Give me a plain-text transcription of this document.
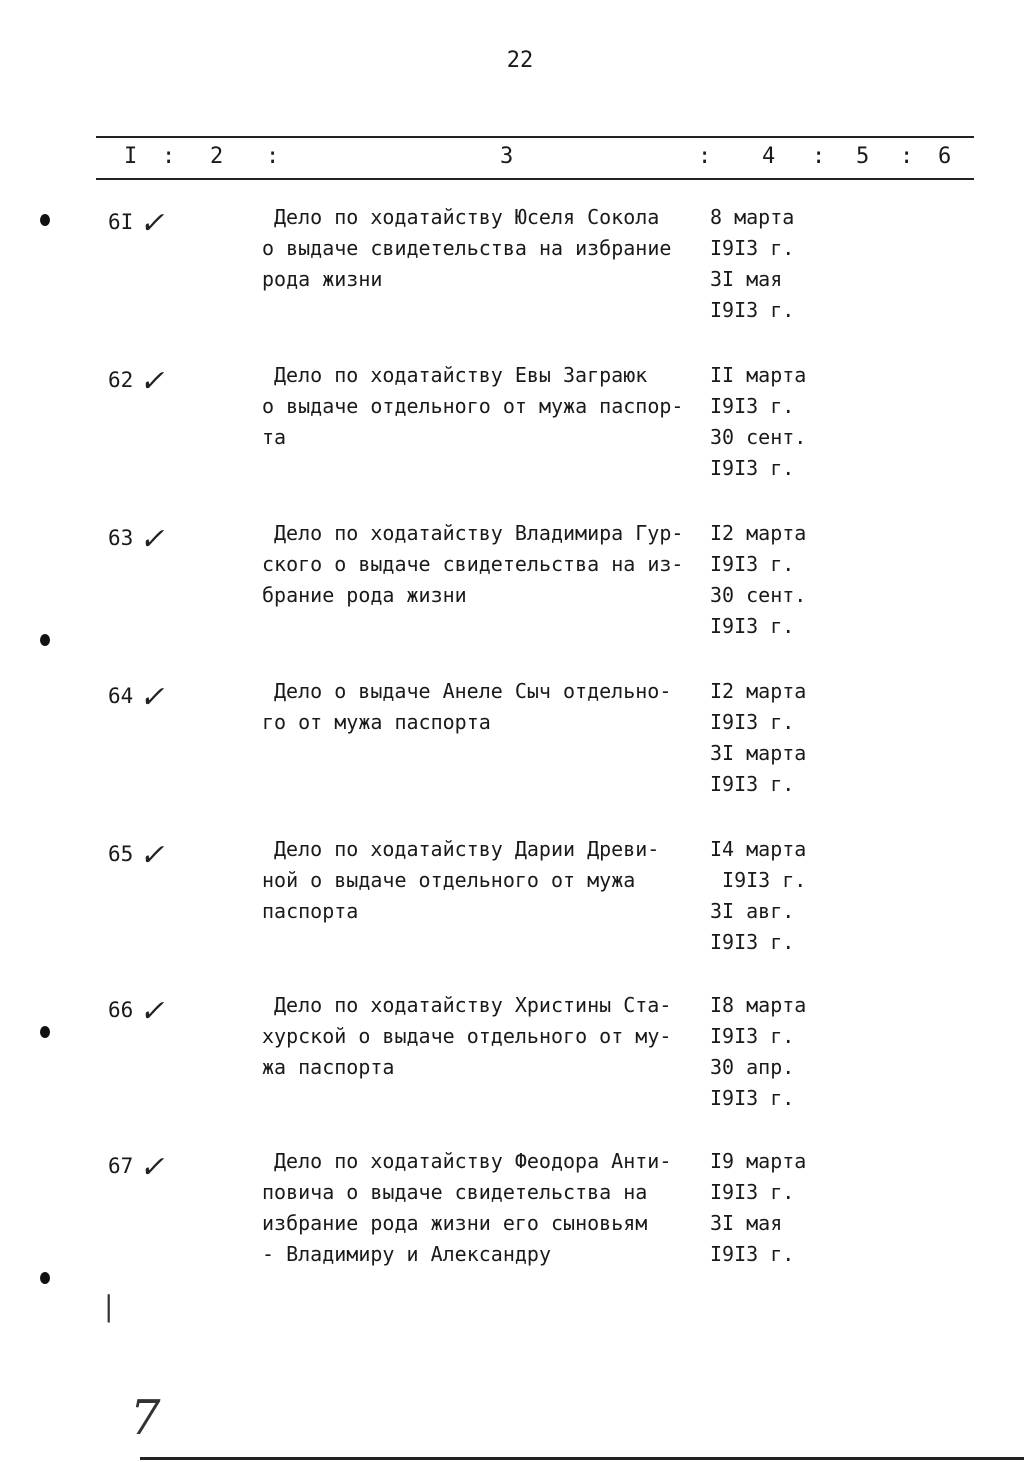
22
I : 2 :	3	: 4 : 5 : 6
6I ✓	Дело по ходатайству Юселя Сокола
о выдаче свидетельства на избрание
рода жизни
8 марта
I9I3 г.
3I мая
I9I3 г.
62 ✓	Дело по ходатайству Евы Заграюк
о выдаче отдельного от мужа паспор-
та
II марта
I9I3 г.
30 сент.
I9I3 г.
63 ✓	Дело по ходатайству Владимира Гур-
ского о выдаче свидетельства на из-
брание рода жизни
I2 марта
I9I3 г.
30 сент.
I9I3 г.
64 ✓	Дело о выдаче Анеле Сыч отдельно-
го от мужа паспорта
I2 марта
I9I3 г.
3I марта
I9I3 г.
65 ✓	Дело по ходатайству Дарии Древи-
ной о выдаче отдельного от мужа
паспорта
I4 марта
I9I3 г.
3I авг.
I9I3 г.
66 ✓	Дело по ходатайству Христины Ста-
хурской о выдаче отдельного от му-
жа паспорта
I8 марта
I9I3 г.
30 апр.
I9I3 г.
67 ✓	Дело по ходатайству Феодора Анти-
повича о выдаче свидетельства на
избрание рода жизни его сыновьям
- Владимиру и Александру
I9 марта
I9I3 г.
3I мая
I9I3 г.
|
7
